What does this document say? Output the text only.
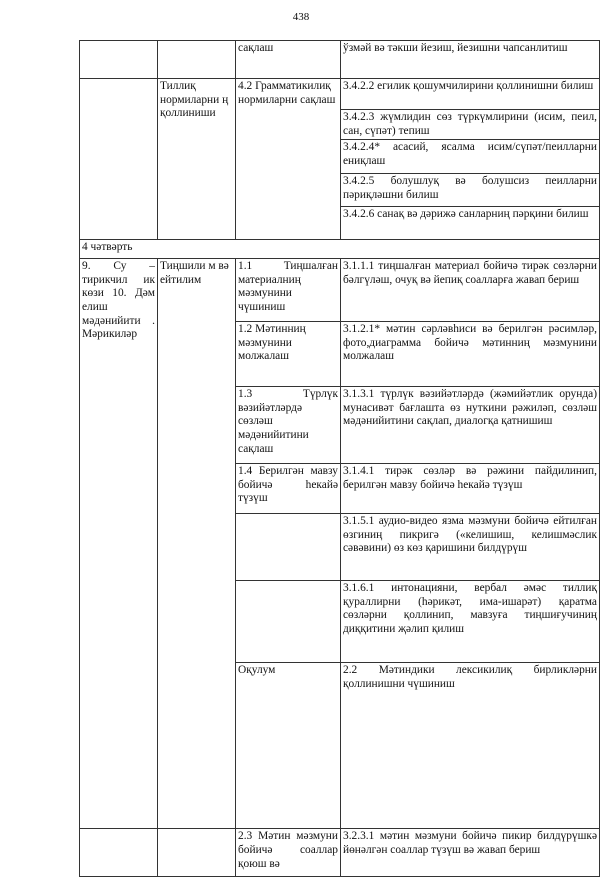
438
		сақлаш	ўзмәй вә тәкши йезиш, йезишни чапсанлитиш	
	Тиллиқ нормиларни ң қоллиниши	4.2 Грамматикилиқ нормиларни сақлаш	3.4.2.2 егилик қошумчилирини қоллинишни билиш	
			3.4.2.3 жүмлидин сөз түркүмлирини (исим, пеил, сан, сүпәт) тепиш	
			3.4.2.4* асасий, ясалма исим/сүпәт/пеилларни ениқлаш	
			3.4.2.5 болушлуқ вә болушсиз пеилларни пәриқләшни билиш	
			3.4.2.6 санақ вә дәрижә санларниң пәрқини билиш	
4 чәтвәрть				
9. Су – тирикчил ик көзи 10. Дәм елиш мәдәнийити . Мәрикиләр	Тиңшили м вә ейтилим	1.1 Тиңшалған материалниң мәзмунини чүшиниш	3.1.1.1 тиңшалған материал бойичә тирәк сөзләрни бәлгүләш, очуқ вә йепиқ соалларға жавап бериш	
		1.2 Мәтинниң мәзмунини молжалаш	3.1.2.1* мәтин сәрләвһиси вә берилгән рәсимләр, фото,диаграмма бойичә мәтинниң мәзмунини молжалаш	
		1.3 Түрлүк вәзийәтләрдә сөзләш мәдәнийитини сақлаш	3.1.3.1 түрлүк вәзийәтләрдә (жәмийәтлик орунда) мунасивәт бағлашта өз нуткини рәжиләп, сөзләш мәдәнийитини сақлап, диалогқа қатнишиш	
		1.4 Берилгән мавзу бойичә һекайә түзүш	3.1.4.1 тирәк сөзләр вә рәжини пайдилинип, берилгән мавзу бойичә һекайә түзүш	
			3.1.5.1 аудио-видео язма мәзмуни бойичә ейтилған өзгиниң пикригә («келишиш, келишмәслик сәвәвини) өз көз қаришини билдүрүш	
			3.1.6.1 интонацияни, вербал әмәс тиллиқ қураллирни (һәрикәт, има-ишарәт) қаратма сөзләрни қоллинип, мавзуға тиңшиғучиниң диққитини җәлип қилиш	
		Оқулум	2.2 Мәтиндики лексикилиқ бирликләрни қоллинишни чүшиниш	
		2.3 Мәтин мәзмуни бойичә соаллар қоюш вә	3.2.3.1 мәтин мәзмуни бойичә пикир билдүрүшкә йөнәлгән соаллар түзүш вә жавап бериш	
